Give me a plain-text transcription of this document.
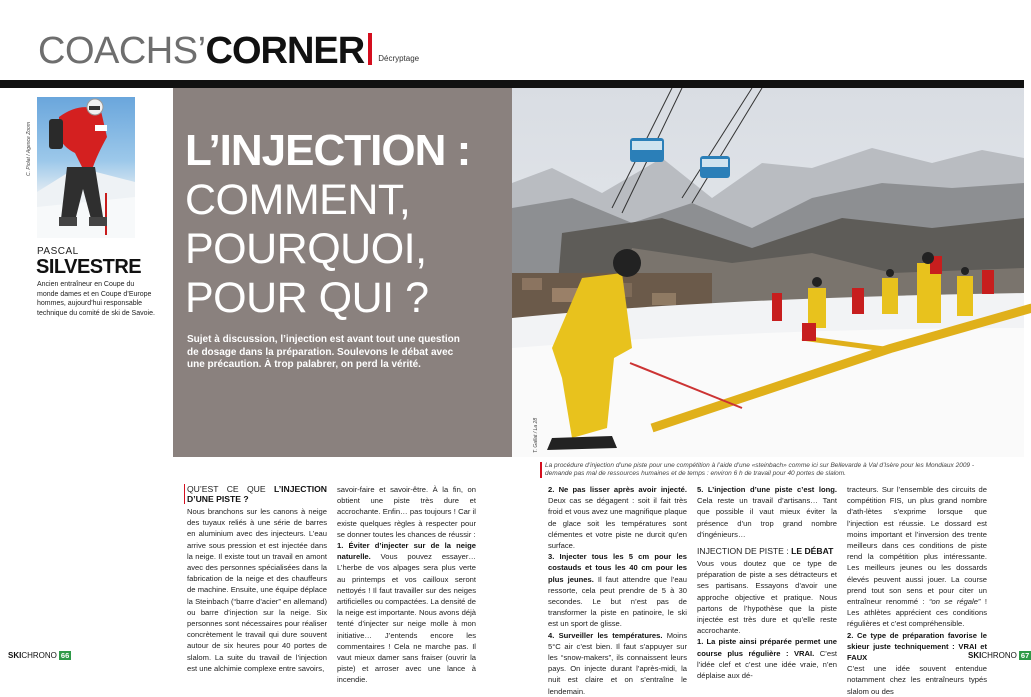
COACHS’CORNER Décryptage
C. Piolat / Agence Zoom
PASCAL
SILVESTRE
Ancien entraîneur en Coupe du monde dames et en Coupe d’Europe hommes, aujourd’hui responsable technique du comité de ski de Savoie.
L’INJECTION :
COMMENT,
POURQUOI,
POUR QUI ?
Sujet à discussion, l’injection est avant tout une question de dosage dans la préparation. Soulevons le débat avec une précaution. À trop palabrer, on perd la vérité.
T. Gallat / La 28
La procédure d’injection d’une piste pour une compétition à l’aide d’une «steinbach» comme ici sur Bellevarde à Val d’Isère pour les Mondiaux 2009 - demande pas mal de ressources humaines et de temps : environ 6 h de travail pour 40 portes de slalom.
QU’EST CE QUE L’INJECTION D’UNE PISTE ?

Nous branchons sur les canons à neige des tuyaux reliés à une série de barres en aluminium avec des injecteurs. L’eau arrive sous pression et est injectée dans la neige. Il existe tout un travail en amont avec des personnes spécialisées dans la fabrication de la neige et des chauffeurs de machine. Ensuite, une équipe déplace la Steinbach (“barre d’acier” en allemand) ou barre d’injection sur la neige. Six personnes sont nécessaires pour réaliser concrètement le travail qui dure souvent autour de six heures pour 40 portes de slalom. La suite du travail de l’injection est une alchimie complexe entre savoirs,

savoir-faire et savoir-être. À la fin, on obtient une piste très dure et accrochante. Enfin… pas toujours ! Car il existe quelques règles à respecter pour se donner toutes les chances de réussir :

1. Éviter d’injecter sur de la neige naturelle. Vous pouvez essayer… L’herbe de vos alpages sera plus verte au printemps et vos cailloux seront nettoyés ! Il faut travailler sur des neiges artificielles ou compactées. La densité de la neige est importante. Nous avons déjà tenté d’injecter sur neige molle à mon initiative… J’entends encore les commentaires ! Cela ne marche pas. Il vaut mieux damer sans fraiser (ouvrir la piste) et arroser avec une lance à incendie.

2. Ne pas lisser après avoir injecté. Deux cas se dégagent : soit il fait très froid et vous avez une magnifique plaque de glace soit les températures sont clémentes et votre piste ne durcit qu’en surface.

3. Injecter tous les 5 cm pour les costauds et tous les 40 cm pour les plus jeunes. Il faut attendre que l’eau ressorte, cela peut prendre de 5 à 30 secondes. Le but n’est pas de transformer la piste en patinoire, le ski est un sport de glisse.

4. Surveiller les températures. Moins 5°C air c’est bien. Il faut s’appuyer sur les “snow-makers”, ils connaissent leurs pays. On injecte durant l’après-midi, la nuit est claire et on s’entraîne le lendemain.

5. L’injection d’une piste c’est long. Cela reste un travail d’artisans… Tant que possible il vaut mieux éviter la présence d’un trop grand nombre d’ingénieurs…

INJECTION DE PISTE : LE DÉBAT

Vous vous doutez que ce type de préparation de piste a ses détracteurs et ses partisans. Essayons d’avoir une approche objective et pratique. Nous partons de l’hypothèse que la piste injectée est très dure et qu’elle reste accrochante.

1. La piste ainsi préparée permet une course plus régulière : VRAI. C’est l’idée clef et c’est une idée vraie, n’en déplaise aux dé-

tracteurs. Sur l’ensemble des circuits de compétition FIS, un plus grand nombre d’ath-lètes s’exprime lorsque que l’injection est réussie. Le dossard est moins important et l’inversion des trente meilleurs dans ces conditions de piste rend la compétition plus intéressante. Les meilleurs jeunes ou les dossards élevés peuvent aussi jouer. La course prend tout son sens et pour citer un entraîneur renommé : “on se régale” ! Les athlètes apprécient ces conditions régulières et c’est compréhensible.

2. Ce type de préparation favorise le skieur juste techniquement : VRAI et FAUX

C’est une idée souvent entendue notamment chez les entraîneurs typés slalom ou des

SKICHRONO 66	SKICHRONO 67
